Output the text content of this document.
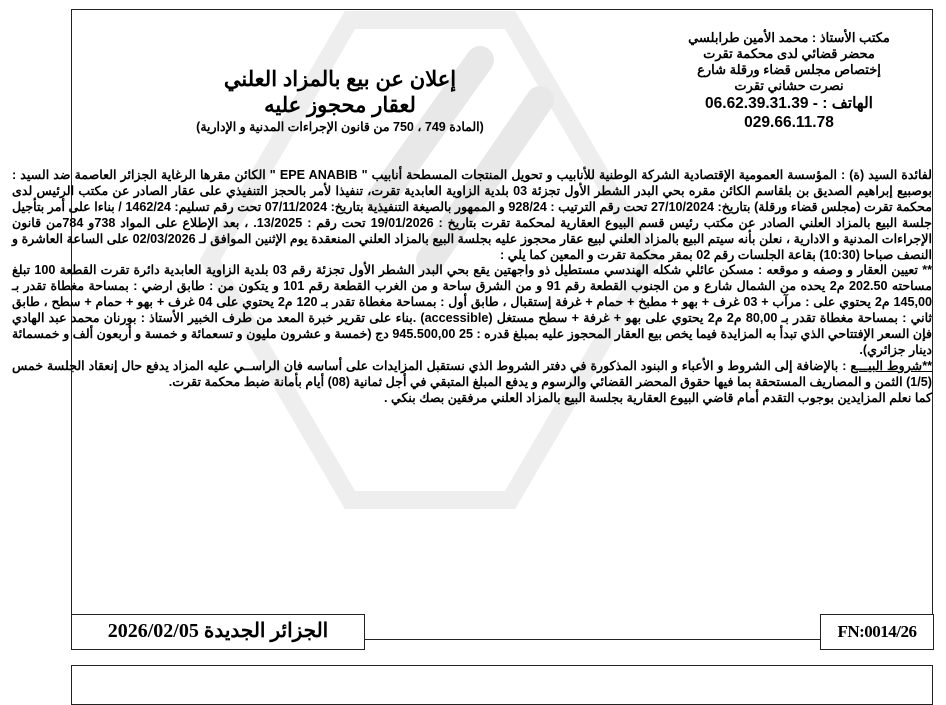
مكتب الأستاذ : محمد الأمين طرابلسي
محضر قضائي لدى محكمة تقرت
إختصاص مجلس قضاء ورقلة شارع
نصرت حشاني تقرت
الهاتف : - 06.62.39.31.39
029.66.11.78
إعلان عن بيع بالمزاد العلني
لعقار محجوز عليه
(المادة 749 ، 750 من قانون الإجراءات المدنية و الإدارية)

لفائدة السيد (ة) : المؤسسة العمومية الإقتصادية الشركة الوطنية للأنابيب و تحويل المنتجات المسطحة أنابيب " EPE ANABIB " الكائن مقرها الرغاية الجزائر العاصمة ضد السيد : بوصبيع إبراهيم الصديق بن بلقاسم الكائن مقره بحي البدر الشطر الأول تجزئة 03 بلدية الزاوية العابدية تقرت، تنفيذا لأمر بالحجز التنفيذي على عقار الصادر عن مكتب الرئيس لدى محكمة تقرت (مجلس قضاء ورقلة) بتاريخ: 27/10/2024 تحت رقم الترتيب : 928/24 و الممهور بالصيغة التنفيذية بتاريخ: 07/11/2024 تحت رقم تسليم: 1462/24 / بناءا على أمر بتأجيل جلسة البيع بالمزاد العلني الصادر عن مكتب رئيس قسم البيوع العقارية لمحكمة تقرت بتاريخ : 19/01/2026 تحت رقم : 13/2025. ، بعد الإطلاع على المواد 738و 784من قانون الإجراءات المدنية و الادارية ، نعلن بأنه سيتم البيع بالمزاد العلني لبيع عقار محجوز عليه بجلسة البيع بالمزاد العلني المنعقدة يوم الإثنين الموافق لـ 02/03/2026 على الساعة العاشرة و النصف صباحا (10:30) بقاعة الجلسات رقم 02 بمقر محكمة تقرت و المعين كما يلي :

** تعيين العقار و وصفه و موقعه : مسكن عائلي شكله الهندسي مستطيل ذو واجهتين يقع بحي البدر الشطر الأول تجزئة رقم 03 بلدية الزاوية العابدية دائرة تقرت القطعة 100 تبلغ مساحته 202.50 م2 يحده من الشمال شارع و من الجنوب القطعة رقم 91 و من الشرق ساحة و من الغرب القطعة رقم 101 و يتكون من : طابق ارضي : بمساحة مغطاة تقدر بـ 145,00 م2 يحتوي على : مرآب + 03 غرف + بهو + مطبخ + حمام + غرفة إستقبال ، طابق أول : بمساحة مغطاة تقدر بـ 120 م2 يحتوي على 04 غرف + بهو + حمام + سطح ، طابق ثاني : بمساحة مغطاة تقدر بـ 80,00 م2 م2 يحتوي على بهو + غرفة + سطح مستغل (accessible) .بناء على تقرير خبرة المعد من طرف الخبير الأستاذ : بورنان محمد عبد الهادي فإن السعر الإفتتاحي الذي تبدأ به المزايدة فيما يخص بيع العقار المحجوز عليه بمبلغ قدره : 25 945.500,00 دج (خمسة و عشرون مليون و تسعمائة و خمسة و أربعون ألف و خمسمائة دينار جزائري).

**شروط البيـــع : بالإضافة إلى الشروط و الأعباء و البنود المذكورة في دفتر الشروط الذي نستقبل المزايدات على أساسه فان الراســي عليه المزاد يدفع حال إنعقاد الجلسة خمس (1/5) الثمن و المصاريف المستحقة بما فيها حقوق المحضر القضائي والرسوم و يدفع المبلغ المتبقي في أجل ثمانية (08) أيام بأمانة ضبط محكمة تقرت.

كما نعلم المزايدين بوجوب التقدم أمام قاضي البيوع العقارية بجلسة البيع بالمزاد العلني مرفقين بصك بنكي .

الجزائر الجديدة 2026/02/05	FN:0014/26
